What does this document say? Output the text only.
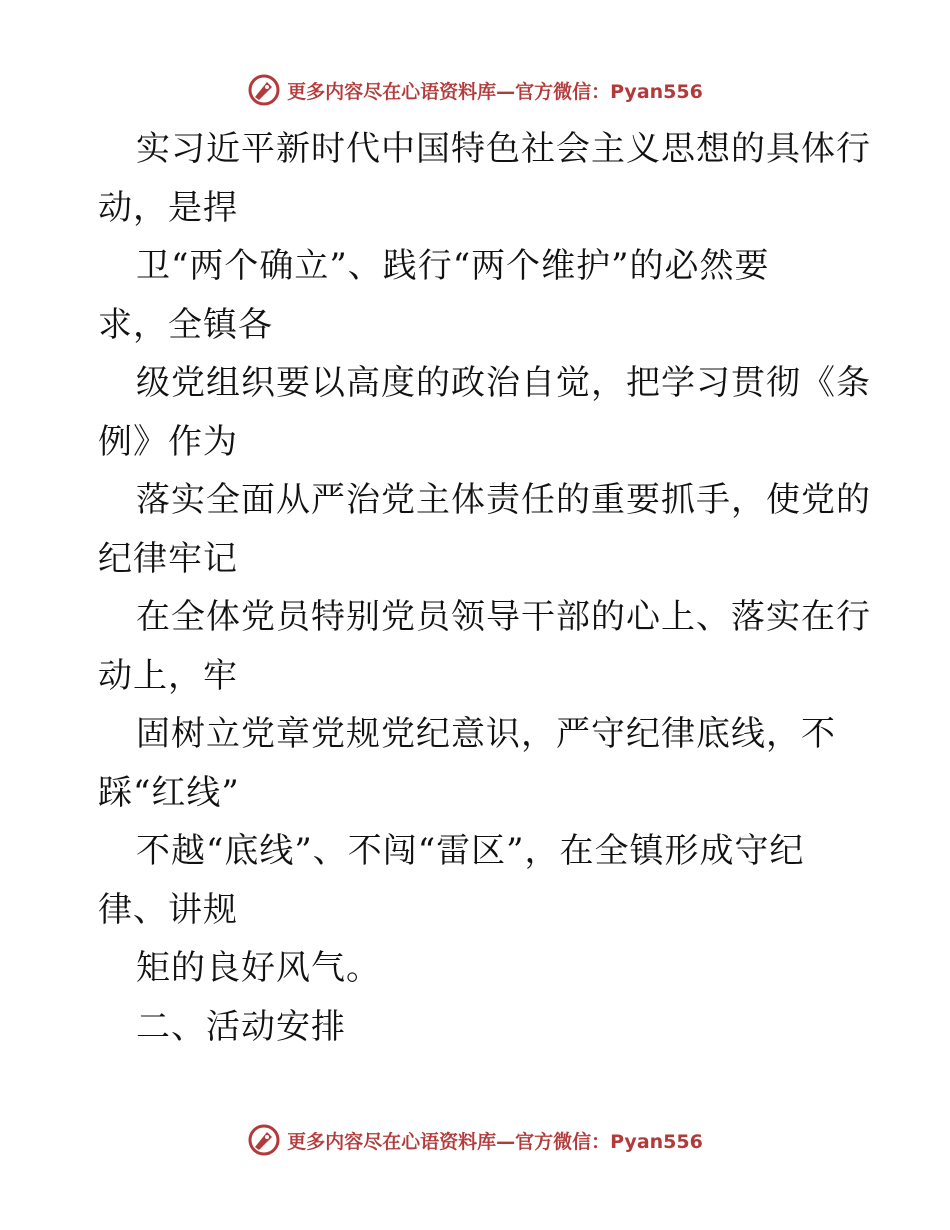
更多内容尽在心语资料库—官方微信：Pyan556
实习近平新时代中国特色社会主义思想的具体行
动，是捍
卫“两个确立”、践行“两个维护”的必然要
求，全镇各
级党组织要以高度的政治自觉，把学习贯彻《条
例》作为
落实全面从严治党主体责任的重要抓手，使党的
纪律牢记
在全体党员特别党员领导干部的心上、落实在行
动上，牢
固树立党章党规党纪意识，严守纪律底线，不
踩“红线”
不越“底线”、不闯“雷区”，在全镇形成守纪
律、讲规
矩的良好风气。
二、活动安排
更多内容尽在心语资料库—官方微信：Pyan556
